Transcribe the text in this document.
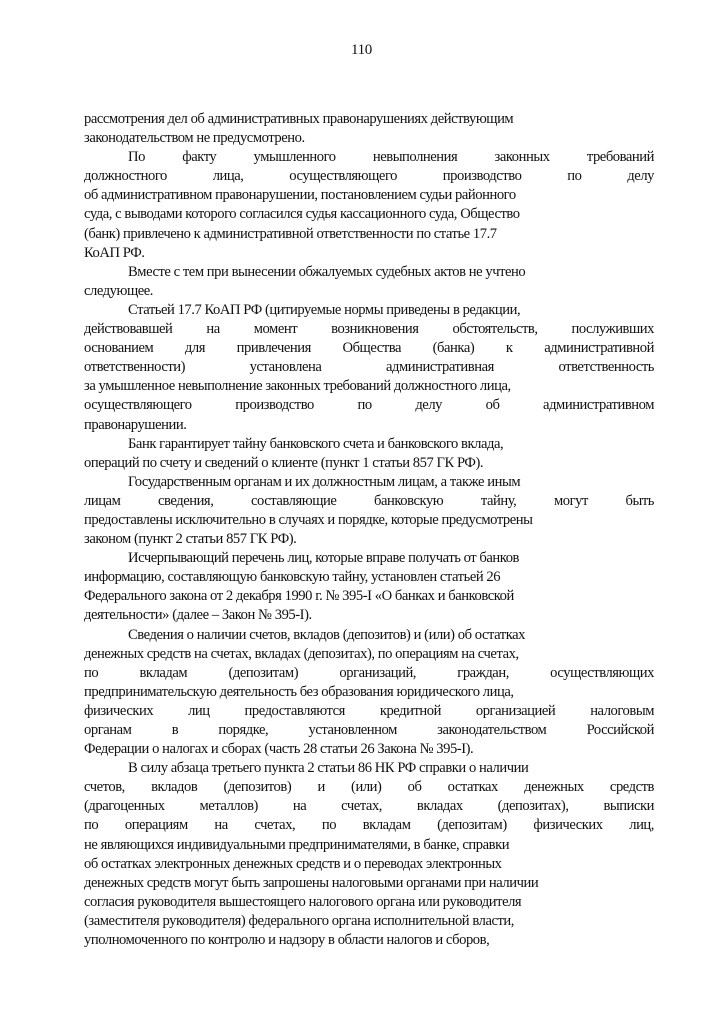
110
рассмотрения дел об административных правонарушениях действующим
законодательством не предусмотрено.
По факту умышленного невыполнения законных требований
должностного лица, осуществляющего производство по делу
об административном правонарушении, постановлением судьи районного
суда, с выводами которого согласился судья кассационного суда, Общество
(банк) привлечено к административной ответственности по статье 17.7
КоАП РФ.
Вместе с тем при вынесении обжалуемых судебных актов не учтено
следующее.
Статьей 17.7 КоАП РФ (цитируемые нормы приведены в редакции,
действовавшей на момент возникновения обстоятельств, послуживших
основанием для привлечения Общества (банка) к административной
ответственности) установлена административная ответственность
за умышленное невыполнение законных требований должностного лица,
осуществляющего производство по делу об административном
правонарушении.
Банк гарантирует тайну банковского счета и банковского вклада,
операций по счету и сведений о клиенте (пункт 1 статьи 857 ГК РФ).
Государственным органам и их должностным лицам, а также иным
лицам сведения, составляющие банковскую тайну, могут быть
предоставлены исключительно в случаях и порядке, которые предусмотрены
законом (пункт 2 статьи 857 ГК РФ).
Исчерпывающий перечень лиц, которые вправе получать от банков
информацию, составляющую банковскую тайну, установлен статьей 26
Федерального закона от 2 декабря 1990 г. № 395-I «О банках и банковской
деятельности» (далее – Закон № 395-I).
Сведения о наличии счетов, вкладов (депозитов) и (или) об остатках
денежных средств на счетах, вкладах (депозитах), по операциям на счетах,
по вкладам (депозитам) организаций, граждан, осуществляющих
предпринимательскую деятельность без образования юридического лица,
физических лиц предоставляются кредитной организацией налоговым
органам в порядке, установленном законодательством Российской
Федерации о налогах и сборах (часть 28 статьи 26 Закона № 395-I).
В силу абзаца третьего пункта 2 статьи 86 НК РФ справки о наличии
счетов, вкладов (депозитов) и (или) об остатках денежных средств
(драгоценных металлов) на счетах, вкладах (депозитах), выписки
по операциям на счетах, по вкладам (депозитам) физических лиц,
не являющихся индивидуальными предпринимателями, в банке, справки
об остатках электронных денежных средств и о переводах электронных
денежных средств могут быть запрошены налоговыми органами при наличии
согласия руководителя вышестоящего налогового органа или руководителя
(заместителя руководителя) федерального органа исполнительной власти,
уполномоченного по контролю и надзору в области налогов и сборов,
